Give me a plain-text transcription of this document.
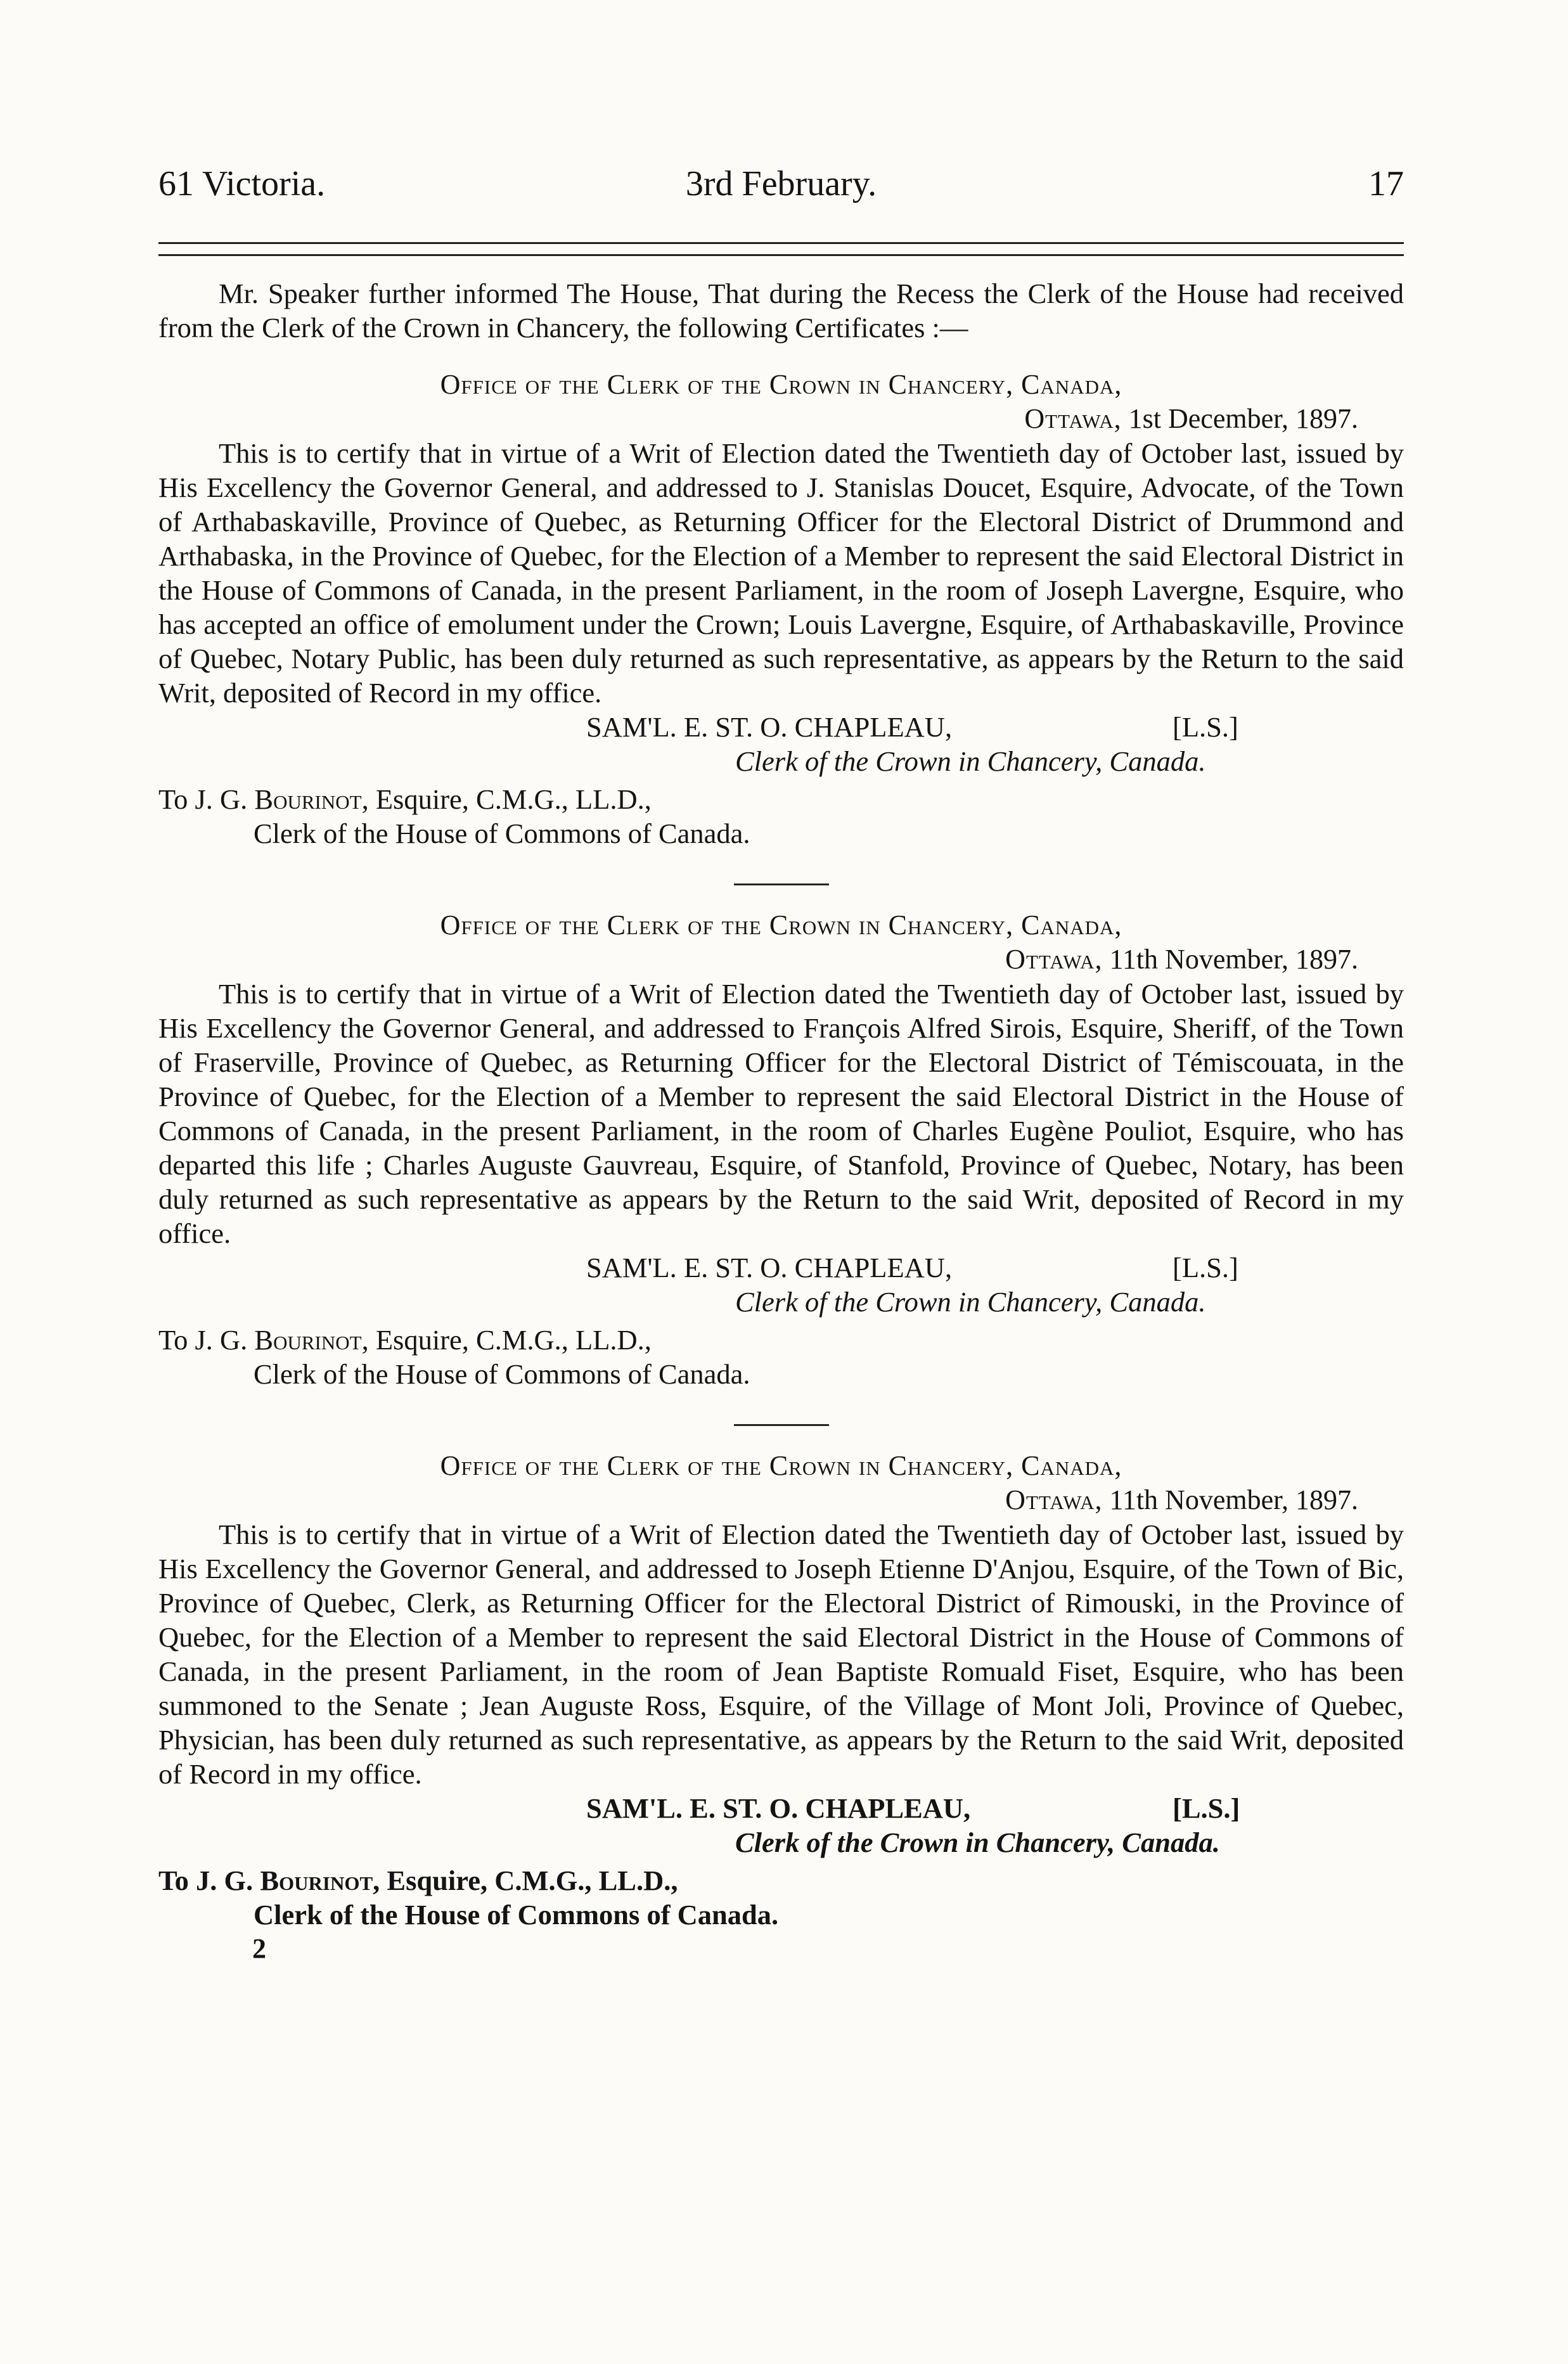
61 Victoria.	3rd February.	17

Mr. Speaker further informed The House, That during the Recess the Clerk of the House had received from the Clerk of the Crown in Chancery, the following Certificates :—

Office of the Clerk of the Crown in Chancery, Canada,

Ottawa, 1st December, 1897.

This is to certify that in virtue of a Writ of Election dated the Twentieth day of October last, issued by His Excellency the Governor General, and addressed to J. Stanislas Doucet, Esquire, Advocate, of the Town of Arthabaskaville, Province of Quebec, as Returning Officer for the Electoral District of Drummond and Arthabaska, in the Province of Quebec, for the Election of a Member to represent the said Electoral District in the House of Commons of Canada, in the present Parliament, in the room of Joseph Lavergne, Esquire, who has accepted an office of emolument under the Crown; Louis Lavergne, Esquire, of Arthabaskaville, Province of Quebec, Notary Public, has been duly returned as such representative, as appears by the Return to the said Writ, deposited of Record in my office.

SAM'L. E. ST. O. CHAPLEAU,	[L.S.]
Clerk of the Crown in Chancery, Canada.
To J. G. Bourinot, Esquire, C.M.G., LL.D.,
Clerk of the House of Commons of Canada.

Office of the Clerk of the Crown in Chancery, Canada,

Ottawa, 11th November, 1897.

This is to certify that in virtue of a Writ of Election dated the Twentieth day of October last, issued by His Excellency the Governor General, and addressed to François Alfred Sirois, Esquire, Sheriff, of the Town of Fraserville, Province of Quebec, as Returning Officer for the Electoral District of Témiscouata, in the Province of Quebec, for the Election of a Member to represent the said Electoral District in the House of Commons of Canada, in the present Parliament, in the room of Charles Eugène Pouliot, Esquire, who has departed this life ; Charles Auguste Gauvreau, Esquire, of Stanfold, Province of Quebec, Notary, has been duly returned as such representative as appears by the Return to the said Writ, deposited of Record in my office.

SAM'L. E. ST. O. CHAPLEAU,	[L.S.]
Clerk of the Crown in Chancery, Canada.
To J. G. Bourinot, Esquire, C.M.G., LL.D.,
Clerk of the House of Commons of Canada.

Office of the Clerk of the Crown in Chancery, Canada,

Ottawa, 11th November, 1897.

This is to certify that in virtue of a Writ of Election dated the Twentieth day of October last, issued by His Excellency the Governor General, and addressed to Joseph Etienne D'Anjou, Esquire, of the Town of Bic, Province of Quebec, Clerk, as Returning Officer for the Electoral District of Rimouski, in the Province of Quebec, for the Election of a Member to represent the said Electoral District in the House of Commons of Canada, in the present Parliament, in the room of Jean Baptiste Romuald Fiset, Esquire, who has been summoned to the Senate ; Jean Auguste Ross, Esquire, of the Village of Mont Joli, Province of Quebec, Physician, has been duly returned as such representative, as appears by the Return to the said Writ, deposited of Record in my office.

SAM'L. E. ST. O. CHAPLEAU,	[L.S.]
Clerk of the Crown in Chancery, Canada.
To J. G. Bourinot, Esquire, C.M.G., LL.D.,
Clerk of the House of Commons of Canada.
2
